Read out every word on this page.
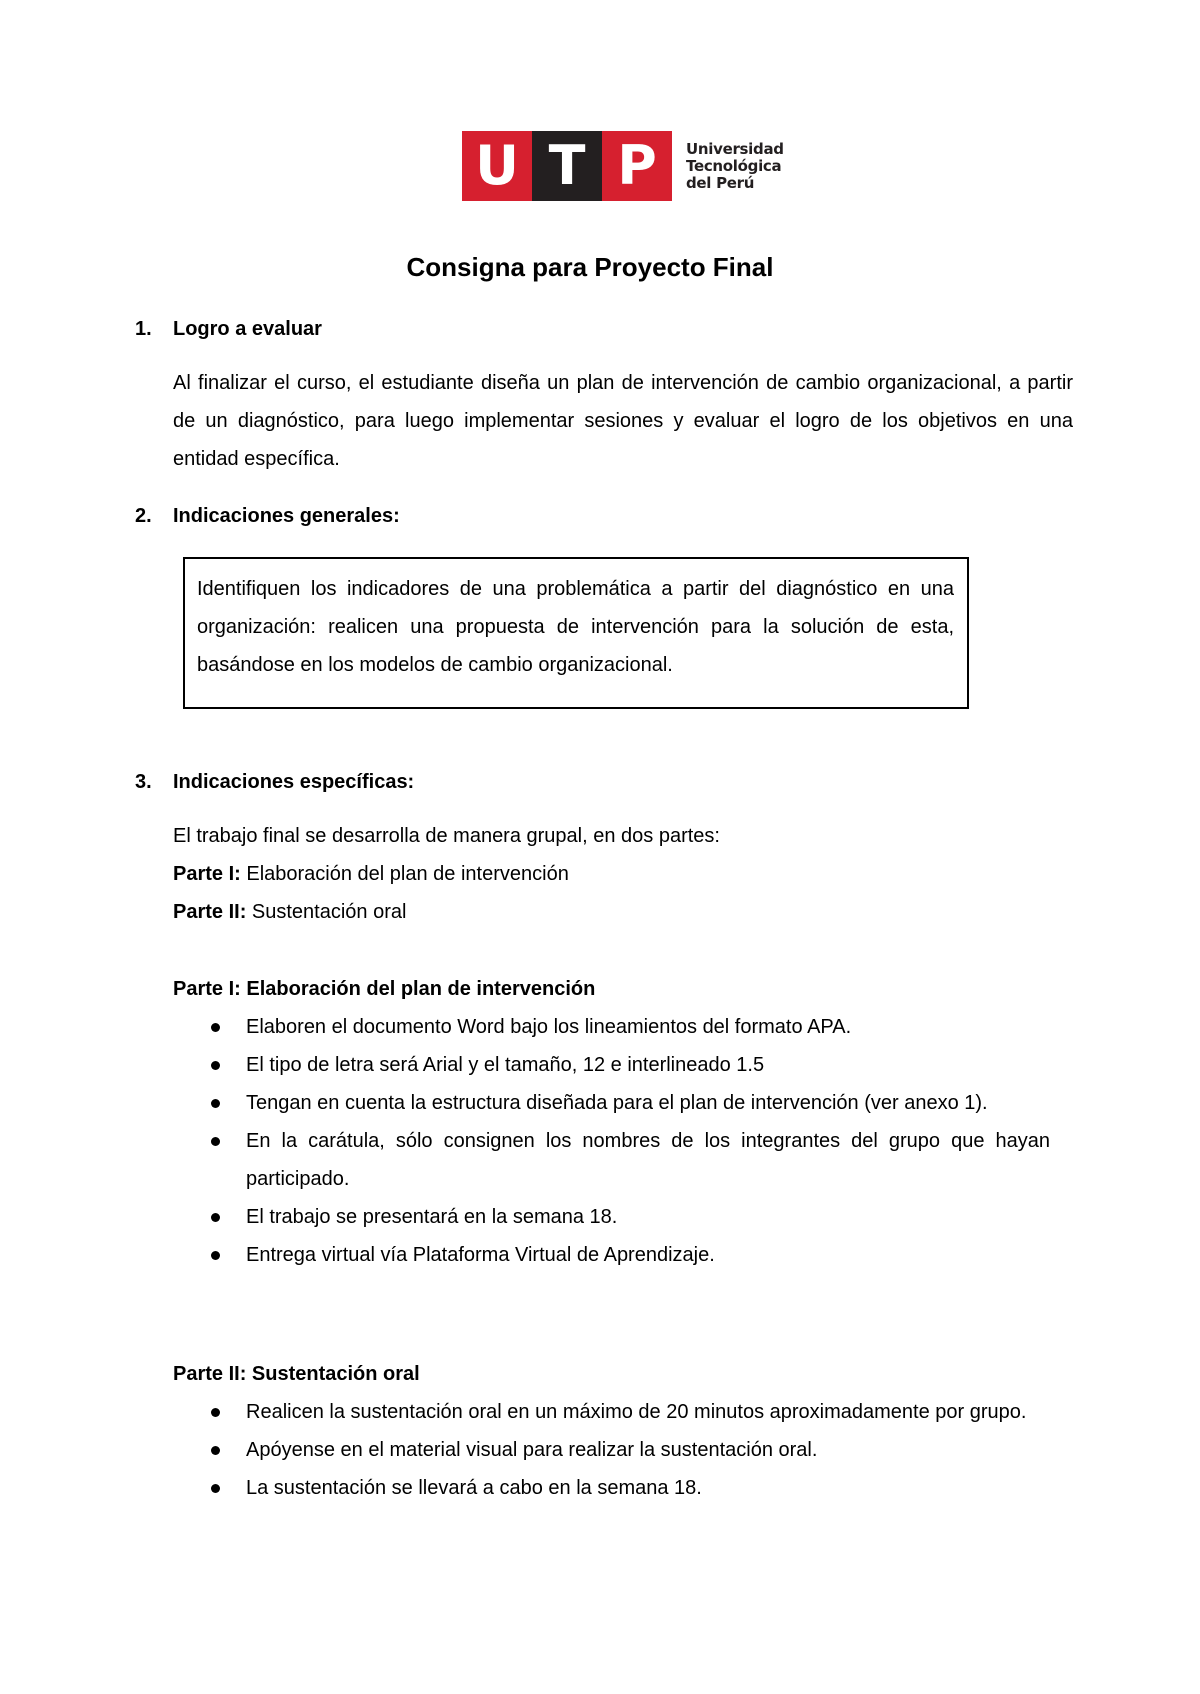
U T P	Universidad
Tecnológica
del Perú
Consigna para Proyecto Final
1. Logro a evaluar
Al finalizar el curso, el estudiante diseña un plan de intervención de cambio organizacional, a partir de un diagnóstico, para luego implementar sesiones y evaluar el logro de los objetivos en una entidad específica.
2. Indicaciones generales:
Identifiquen los indicadores de una problemática a partir del diagnóstico en una organización: realicen una propuesta de intervención para la solución de esta, basándose en los modelos de cambio organizacional.
3. Indicaciones específicas:
El trabajo final se desarrolla de manera grupal, en dos partes:
Parte I: Elaboración del plan de intervención
Parte II: Sustentación oral
Parte I: Elaboración del plan de intervención
Elaboren el documento Word bajo los lineamientos del formato APA.
El tipo de letra será Arial y el tamaño, 12 e interlineado 1.5
Tengan en cuenta la estructura diseñada para el plan de intervención (ver anexo 1).
En la carátula, sólo consignen los nombres de los integrantes del grupo que hayan participado.
El trabajo se presentará en la semana 18.
Entrega virtual vía Plataforma Virtual de Aprendizaje.
Parte II: Sustentación oral
Realicen la sustentación oral en un máximo de 20 minutos aproximadamente por grupo.
Apóyense en el material visual para realizar la sustentación oral.
La sustentación se llevará a cabo en la semana 18.
